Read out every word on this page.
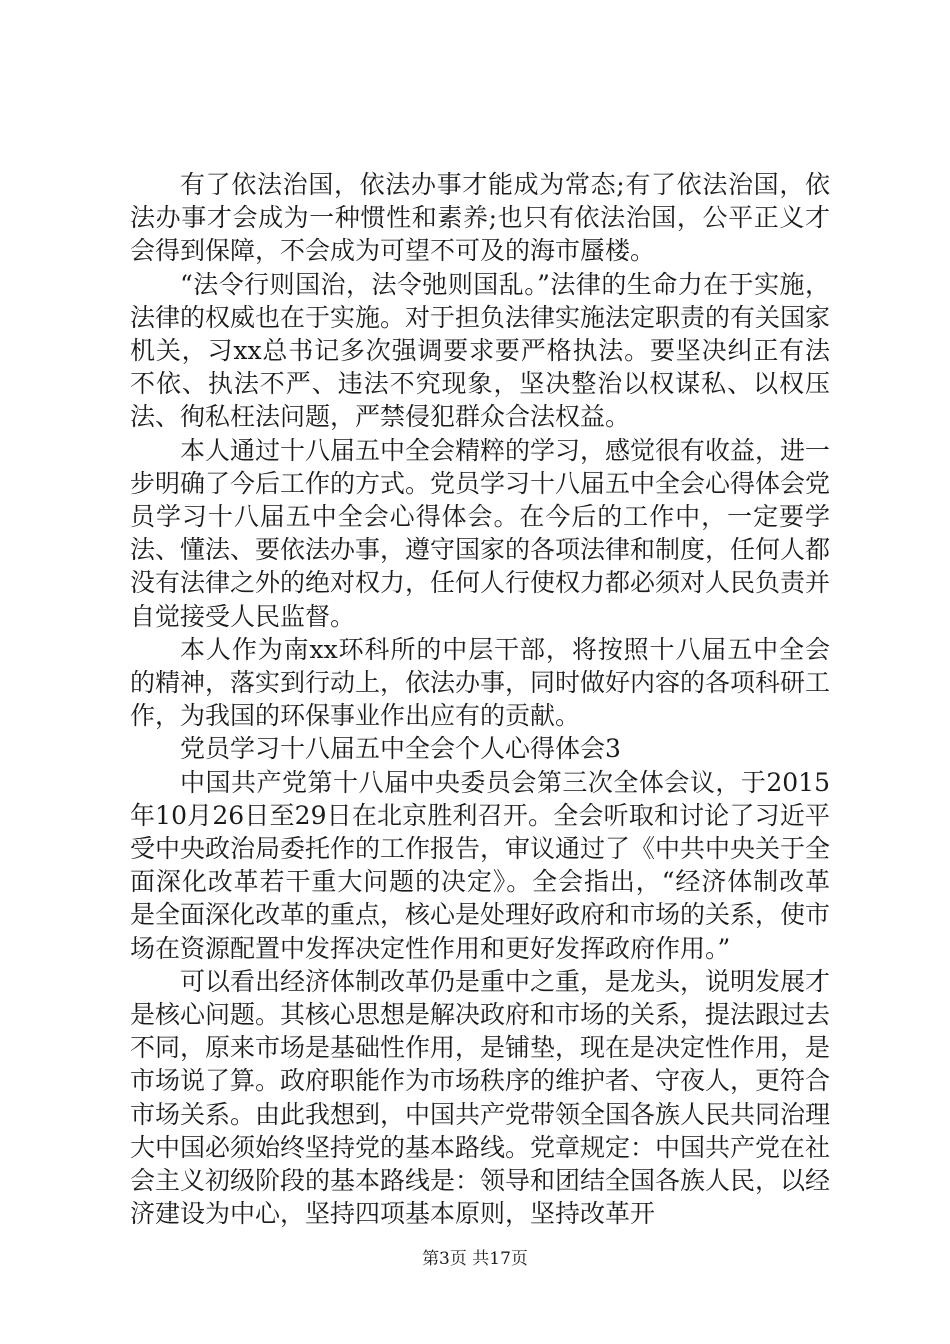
有了依法治国，依法办事才能成为常态;有了依法治国，依法办事才会成为一种惯性和素养;也只有依法治国，公平正义才会得到保障，不会成为可望不可及的海市蜃楼。

“法令行则国治，法令弛则国乱。”法律的生命力在于实施，法律的权威也在于实施。对于担负法律实施法定职责的有关国家机关，习xx总书记多次强调要求要严格执法。要坚决纠正有法不依、执法不严、违法不究现象，坚决整治以权谋私、以权压法、徇私枉法问题，严禁侵犯群众合法权益。

本人通过十八届五中全会精粹的学习，感觉很有收益，进一步明确了今后工作的方式。党员学习十八届五中全会心得体会党员学习十八届五中全会心得体会。在今后的工作中，一定要学法、懂法、要依法办事，遵守国家的各项法律和制度，任何人都没有法律之外的绝对权力，任何人行使权力都必须对人民负责并自觉接受人民监督。

本人作为南xx环科所的中层干部，将按照十八届五中全会的精神，落实到行动上，依法办事，同时做好内容的各项科研工作，为我国的环保事业作出应有的贡献。

党员学习十八届五中全会个人心得体会3

中国共产党第十八届中央委员会第三次全体会议，于2015年10月26日至29日在北京胜利召开。全会听取和讨论了习近平受中央政治局委托作的工作报告，审议通过了《中共中央关于全面深化改革若干重大问题的决定》。全会指出，“经济体制改革是全面深化改革的重点，核心是处理好政府和市场的关系，使市场在资源配置中发挥决定性作用和更好发挥政府作用。”

可以看出经济体制改革仍是重中之重，是龙头，说明发展才是核心问题。其核心思想是解决政府和市场的关系，提法跟过去不同，原来市场是基础性作用，是铺垫，现在是决定性作用，是市场说了算。政府职能作为市场秩序的维护者、守夜人，更符合市场关系。由此我想到，中国共产党带领全国各族人民共同治理大中国必须始终坚持党的基本路线。党章规定：中国共产党在社会主义初级阶段的基本路线是：领导和团结全国各族人民，以经济建设为中心，坚持四项基本原则，坚持改革开

第3页 共17页
